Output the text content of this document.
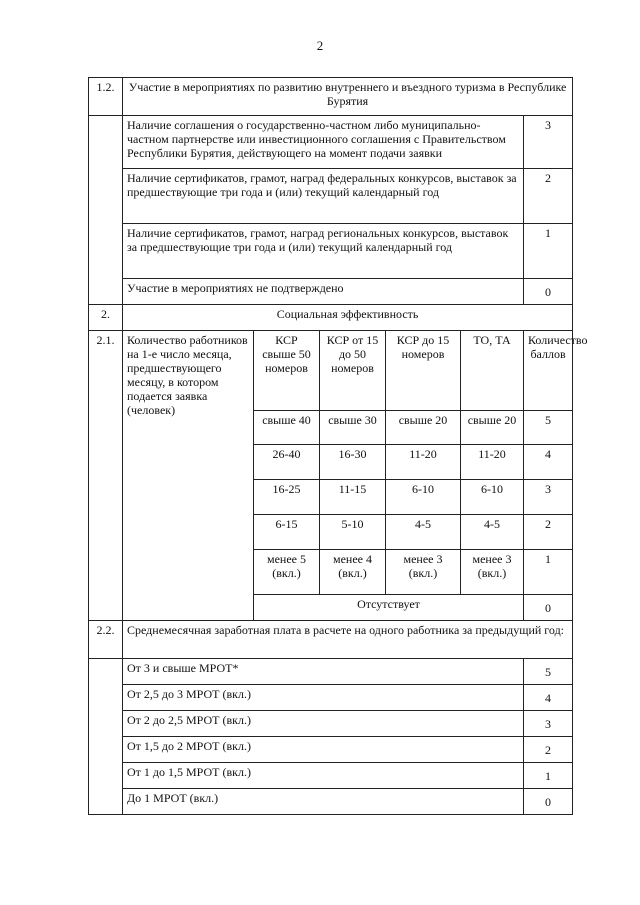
2
1.2.	Участие в мероприятиях по развитию внутреннего и въездного туризма в Республике Бурятия					
	Наличие соглашения о государственно-частном либо муниципально-частном партнерстве или инвестиционного соглашения с Правительством Республики Бурятия, действующего на момент подачи заявки					3
	Наличие сертификатов, грамот, наград федеральных конкурсов, выставок за предшествующие три года и (или) текущий календарный год					2
	Наличие сертификатов, грамот, наград региональных конкурсов, выставок за предшествующие три года и (или) текущий календарный год					1
	Участие в мероприятиях не подтверждено					0
2.	Социальная эффективность					
2.1.	Количество работников на 1-е число месяца, предшествующего месяцу, в котором подается заявка (человек)	КСР свыше 50 номеров	КСР от 15 до 50 номеров	КСР до 15 номеров	ТО, ТА	Количество баллов
		свыше 40	свыше 30	свыше 20	свыше 20	5
		26-40	16-30	11-20	11-20	4
		16-25	11-15	6-10	6-10	3
		6-15	5-10	4-5	4-5	2
		менее 5 (вкл.)	менее 4 (вкл.)	менее 3 (вкл.)	менее 3 (вкл.)	1
		Отсутствует				0
2.2.	Среднемесячная заработная плата в расчете на одного работника за предыдущий год:					
	От 3 и свыше МРОТ*					5
	От 2,5 до 3 МРОТ (вкл.)					4
	От 2 до 2,5 МРОТ (вкл.)					3
	От 1,5 до 2 МРОТ (вкл.)					2
	От 1 до 1,5 МРОТ (вкл.)					1
	До 1 МРОТ (вкл.)					0
